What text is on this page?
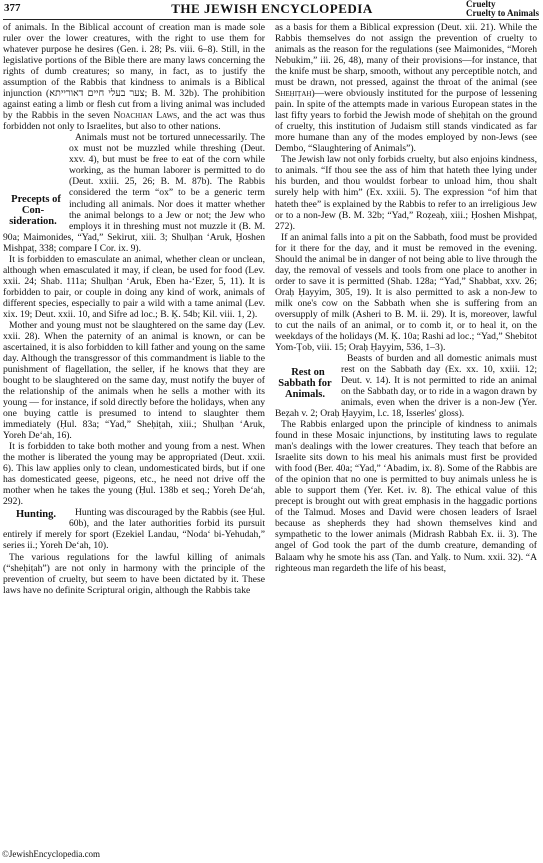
377	THE JEWISH ENCYCLOPEDIA	Cruelty
Cruelty to Animals

of animals. In the Biblical account of creation man is made sole ruler over the lower creatures, with the right to use them for whatever purpose he desires (Gen. i. 28; Ps. viii. 6–8). Still, in the legislative portions of the Bible there are many laws concerning the rights of dumb creatures; so many, in fact, as to justify the assumption of the Rabbis that kindness to animals is a Biblical injunction (צער בעלי חיים דאורייתא; B. M. 32b). The prohibition against eating a limb or flesh cut from a living animal was included by the Rabbis in the seven Noachian Laws, and the act was thus forbidden not only to Israelites, but also to other nations.

Precepts of Con- sideration.
Animals must not be tortured unnecessarily. The ox must not be muzzled while threshing (Deut. xxv. 4), but must be free to eat of the corn while working, as the human laborer is permitted to do (Deut. xxiii. 25, 26; B. M. 87b). The Rabbis considered the term “ox” to be a generic term including all animals. Nor does it matter whether the animal belongs to a Jew or not; the Jew who employs it in threshing must not muzzle it (B. M. 90a; Maimonides, “Yad,” Sekirut, xiii. 3; Shulḥan ‘Aruk, Ḥoshen Mishpaṭ, 338; compare I Cor. ix. 9).

It is forbidden to emasculate an animal, whether clean or unclean, although when emasculated it may, if clean, be used for food (Lev. xxii. 24; Shab. 111a; Shulḥan ‘Aruk, Eben ha-‘Ezer, 5, 11). It is forbidden to pair, or couple in doing any kind of work, animals of different species, especially to pair a wild with a tame animal (Lev. xix. 19; Deut. xxii. 10, and Sifre ad loc.; B. Ḳ. 54b; Kil. viii. 1, 2).

Mother and young must not be slaughtered on the same day (Lev. xxii. 28). When the paternity of an animal is known, or can be ascertained, it is also forbidden to kill father and young on the same day. Although the transgressor of this commandment is liable to the punishment of flagellation, the seller, if he knows that they are bought to be slaughtered on the same day, must notify the buyer of the relationship of the animals when he sells a mother with its young — for instance, if sold directly before the holidays, when any one buying cattle is presumed to intend to slaughter them immediately (Ḥul. 83a; “Yad,” Sheḥiṭah, xiii.; Shulḥan ‘Aruk, Yoreh De‘ah, 16).

It is forbidden to take both mother and young from a nest. When the mother is liberated the young may be appropriated (Deut. xxii. 6). This law applies only to clean, undomesticated birds, but if one has domesticated geese, pigeons, etc., he need not drive off the mother when he takes the young (Ḥul. 138b et seq.; Yoreh De‘ah, 292).

Hunting.	Hunting was discouraged by the Rabbis (see Ḥul. 60b), and the later authorities forbid its pursuit entirely if merely for sport (Ezekiel Landau, “Noda‘ bi-Yehudah,” series ii.; Yoreh De‘ah, 10).

The various regulations for the lawful killing of animals (“sheḥiṭah”) are not only in harmony with the principle of the prevention of cruelty, but seem to have been dictated by it. These laws have no definite Scriptural origin, although the Rabbis take

as a basis for them a Biblical expression (Deut. xii. 21). While the Rabbis themselves do not assign the prevention of cruelty to animals as the reason for the regulations (see Maimonides, “Moreh Nebukim,” iii. 26, 48), many of their provisions—for instance, that the knife must be sharp, smooth, without any perceptible notch, and must be drawn, not pressed, against the throat of the animal (see Sheḥiṭah)—were obviously instituted for the purpose of lessening pain. In spite of the attempts made in various European states in the last fifty years to forbid the Jewish mode of sheḥiṭah on the ground of cruelty, this institution of Judaism still stands vindicated as far more humane than any of the modes employed by non-Jews (see Dembo, “Slaughtering of Animals”).

The Jewish law not only forbids cruelty, but also enjoins kindness, to animals. “If thou see the ass of him that hateth thee lying under his burden, and thou wouldst forbear to unload him, thou shalt surely help with him” (Ex. xxiii. 5). The expression “of him that hateth thee” is explained by the Rabbis to refer to an irreligious Jew or to a non-Jew (B. M. 32b; “Yad,” Roẓeaḥ, xiii.; Ḥoshen Mishpaṭ, 272).

If an animal falls into a pit on the Sabbath, food must be provided for it there for the day, and it must be removed in the evening. Should the animal be in danger of not being able to live through the day, the removal of vessels and tools from one place to another in order to save it is permitted (Shab. 128a; “Yad,” Shabbat, xxv. 26; Oraḥ Ḥayyim, 305, 19). It is also permitted to ask a non-Jew to milk one's cow on the Sabbath when she is suffering from an oversupply of milk (Asheri to B. M. ii. 29). It is, moreover, lawful to cut the nails of an animal, or to comb it, or to heal it, on the weekdays of the holidays (M. Ḳ. 10a; Rashi ad loc.; “Yad,” Shebitot Yom-Ṭob, viii. 15; Oraḥ Ḥayyim, 536, 1–3).

Rest on Sabbath for Animals.
Beasts of burden and all domestic animals must rest on the Sabbath day (Ex. xx. 10, xxiii. 12; Deut. v. 14). It is not permitted to ride an animal on the Sabbath day, or to ride in a wagon drawn by animals, even when the driver is a non-Jew (Yer. Beẓah v. 2; Oraḥ Ḥayyim, l.c. 18, Isserles' gloss).

The Rabbis enlarged upon the principle of kindness to animals found in these Mosaic injunctions, by instituting laws to regulate man's dealings with the lower creatures. They teach that before an Israelite sits down to his meal his animals must first be provided with food (Ber. 40a; “Yad,” ‘Abadim, ix. 8). Some of the Rabbis are of the opinion that no one is permitted to buy animals unless he is able to support them (Yer. Ket. iv. 8). The ethical value of this precept is brought out with great emphasis in the haggadic portions of the Talmud. Moses and David were chosen leaders of Israel because as shepherds they had shown themselves kind and sympathetic to the lower animals (Midrash Rabbah Ex. ii. 3). The angel of God took the part of the dumb creature, demanding of Balaam why he smote his ass (Tan. and Yalḳ. to Num. xxii. 32). “A righteous man regardeth the life of his beast,

©JewishEncyclopedia.com
